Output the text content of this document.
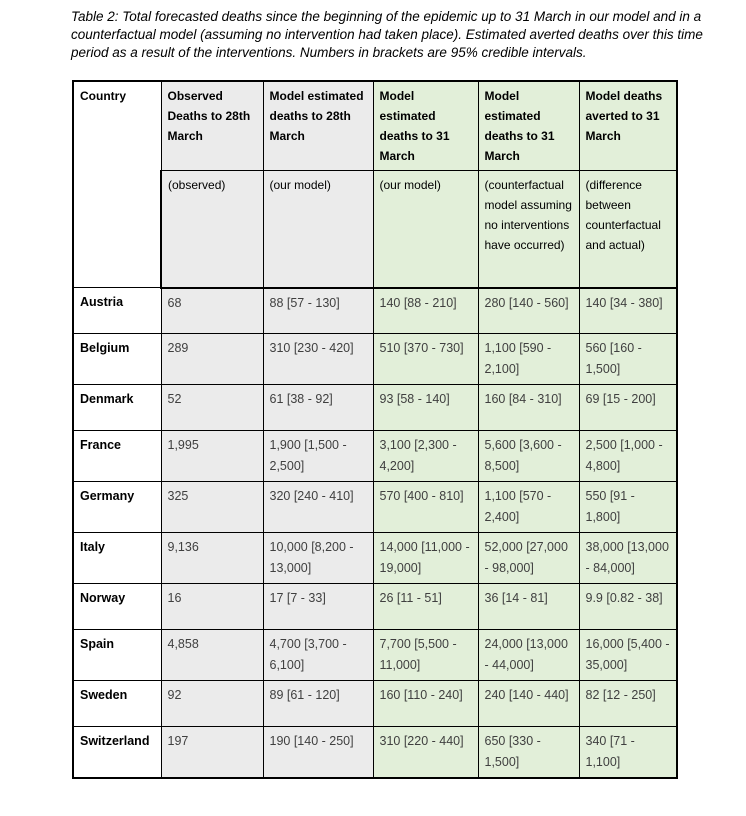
Table 2: Total forecasted deaths since the beginning of the epidemic up to 31 March in our model and in a counterfactual model (assuming no intervention had taken place). Estimated averted deaths over this time period as a result of the interventions. Numbers in brackets are 95% credible intervals.

Country	Observed Deaths to 28th March	Model estimated deaths to 28th March	Model estimated deaths to 31 March	Model estimated deaths to 31 March	Model deaths averted to 31 March
	(observed)	(our model)	(our model)	(counterfactual model assuming no interventions have occurred)	(difference between counterfactual and actual)
Austria	68	88 [57 - 130]	140 [88 - 210]	280 [140 - 560]	140 [34 - 380]
Belgium	289	310 [230 - 420]	510 [370 - 730]	1,100 [590 - 2,100]	560 [160 - 1,500]
Denmark	52	61 [38 - 92]	93 [58 - 140]	160 [84 - 310]	69 [15 - 200]
France	1,995	1,900 [1,500 - 2,500]	3,100 [2,300 - 4,200]	5,600 [3,600 - 8,500]	2,500 [1,000 - 4,800]
Germany	325	320 [240 - 410]	570 [400 - 810]	1,100 [570 - 2,400]	550 [91 - 1,800]
Italy	9,136	10,000 [8,200 - 13,000]	14,000 [11,000 - 19,000]	52,000 [27,000 - 98,000]	38,000 [13,000 - 84,000]
Norway	16	17 [7 - 33]	26 [11 - 51]	36 [14 - 81]	9.9 [0.82 - 38]
Spain	4,858	4,700 [3,700 - 6,100]	7,700 [5,500 - 11,000]	24,000 [13,000 - 44,000]	16,000 [5,400 - 35,000]
Sweden	92	89 [61 - 120]	160 [110 - 240]	240 [140 - 440]	82 [12 - 250]
Switzerland	197	190 [140 - 250]	310 [220 - 440]	650 [330 - 1,500]	340 [71 - 1,100]
